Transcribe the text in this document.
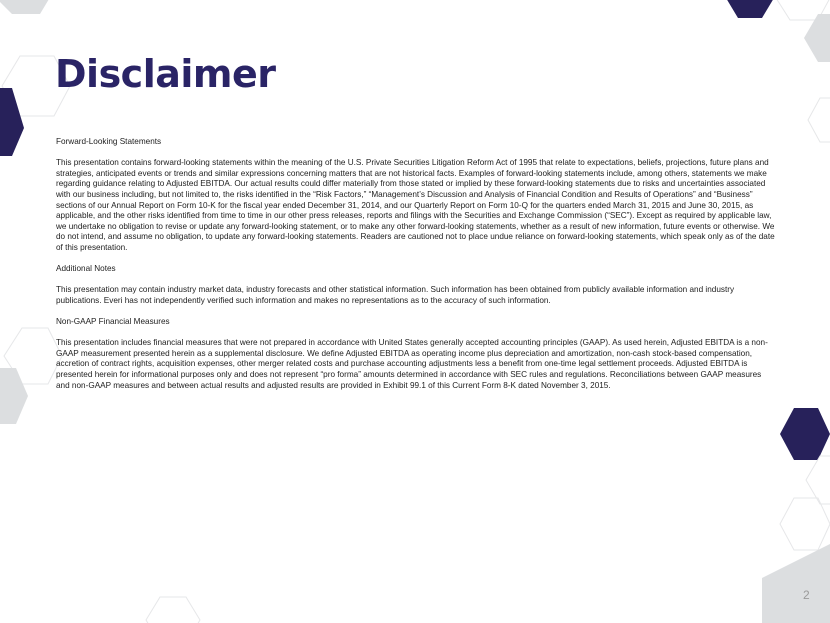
Disclaimer

Forward-Looking Statements

This presentation contains forward-looking statements within the meaning of the U.S. Private Securities Litigation Reform Act of 1995 that relate to expectations, beliefs, projections, future plans and strategies, anticipated events or trends and similar expressions concerning matters that are not historical facts. Examples of forward-looking statements include, among others, statements we make regarding guidance relating to Adjusted EBITDA. Our actual results could differ materially from those stated or implied by these forward-looking statements due to risks and uncertainties associated with our business including, but not limited to, the risks identified in the “Risk Factors,” “Management’s Discussion and Analysis of Financial Condition and Results of Operations” and “Business” sections of our Annual Report on Form 10-K for the fiscal year ended December 31, 2014, and our Quarterly Report on Form 10-Q for the quarters ended March 31, 2015 and June 30, 2015, as applicable, and the other risks identified from time to time in our other press releases, reports and filings with the Securities and Exchange Commission (“SEC”). Except as required by applicable law, we undertake no obligation to revise or update any forward-looking statement, or to make any other forward-looking statements, whether as a result of new information, future events or otherwise. We do not intend, and assume no obligation, to update any forward-looking statements. Readers are cautioned not to place undue reliance on forward-looking statements, which speak only as of the date of this presentation.

Additional Notes

This presentation may contain industry market data, industry forecasts and other statistical information. Such information has been obtained from publicly available information and industry publications. Everi has not independently verified such information and makes no representations as to the accuracy of such information.

Non-GAAP Financial Measures

This presentation includes financial measures that were not prepared in accordance with United States generally accepted accounting principles (GAAP). As used herein, Adjusted EBITDA is a non-GAAP measurement presented herein as a supplemental disclosure. We define Adjusted EBITDA as operating income plus depreciation and amortization, non-cash stock-based compensation, accretion of contract rights, acquisition expenses, other merger related costs and purchase accounting adjustments less a benefit from one-time legal settlement proceeds. Adjusted EBITDA is presented herein for informational purposes only and does not represent “pro forma” amounts determined in accordance with SEC rules and regulations. Reconciliations between GAAP measures and non-GAAP measures and between actual results and adjusted results are provided in Exhibit 99.1 of this Current Form 8-K dated November 3, 2015.

2
